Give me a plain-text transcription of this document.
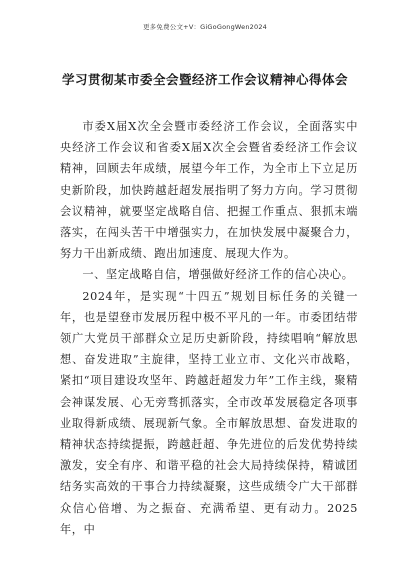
更多免费公文+V：GiGoGongWen2024
学习贯彻某市委全会暨经济工作会议精神心得体会

市委X届X次全会暨市委经济工作会议，全面落实中央经济工作会议和省委X届X次全会暨省委经济工作会议精神，回顾去年成绩，展望今年工作，为全市上下立足历史新阶段，加快跨越赶超发展指明了努力方向。学习贯彻会议精神，就要坚定战略自信、把握工作重点、狠抓末端落实，在闯头苦干中增强实力，在加快发展中凝聚合力，努力干出新成绩、跑出加速度、展现大作为。

一、坚定战略自信，增强做好经济工作的信心决心。

2024年，是实现“十四五”规划目标任务的关键一年，也是望登市发展历程中极不平凡的一年。市委团结带领广大党员干部群众立足历史新阶段，持续唱响“解放思想、奋发进取”主旋律，坚持工业立市、文化兴市战略，紧扣“项目建设攻坚年、跨越赶超发力年”工作主线，聚精会神谋发展、心无旁骛抓落实，全市改革发展稳定各项事业取得新成绩、展现新气象。全市解放思想、奋发进取的精神状态持续提振，跨越赶超、争先进位的后发优势持续激发，安全有序、和谐平稳的社会大局持续保持，精诚团结务实高效的干事合力持续凝聚，这些成绩令广大干部群众信心倍增、为之振奋、充满希望、更有动力。2025年，中
